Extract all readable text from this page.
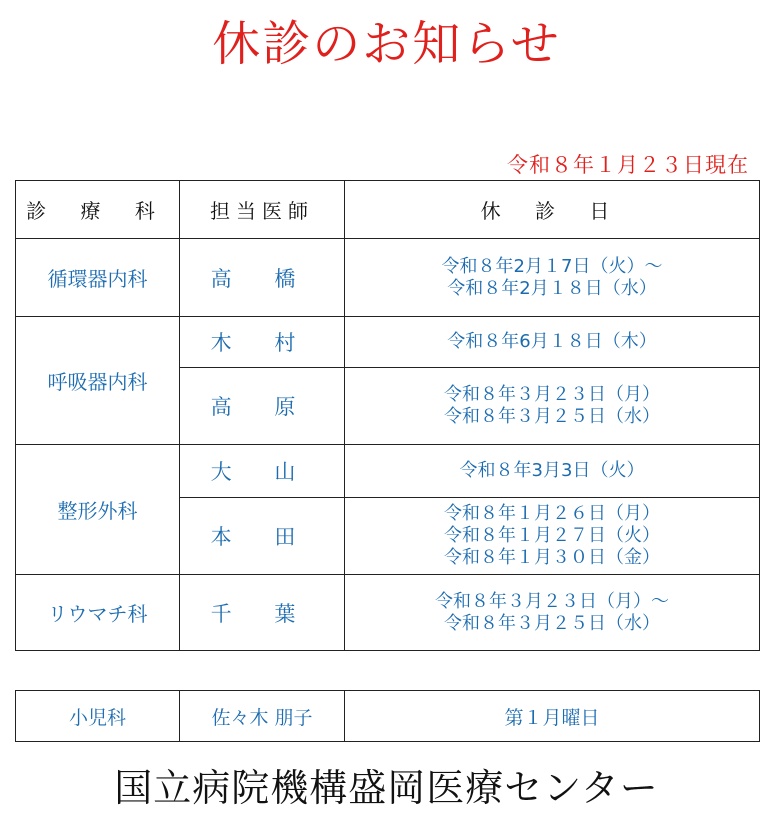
休診のお知らせ
令和８年１月２３日現在
診 療 科	担当医師	休 診 日
循環器内科	高 橋	令和８年2月１7日（火）～
令和８年2月１８日（水）

呼吸器内科	木 村	令和８年6月１８日（木）

	高 原	令和８年３月２３日（月）
令和８年３月２５日（水）

整形外科	大 山	令和８年3月3日（火）

	本 田	令和８年１月２６日（月）
令和８年１月２７日（火）
令和８年１月３０日（金）

リウマチ科	千 葉	令和８年３月２３日（月）～
令和８年３月２５日（水）
小児科	佐々木 朋子	第１月曜日
国立病院機構盛岡医療センター
